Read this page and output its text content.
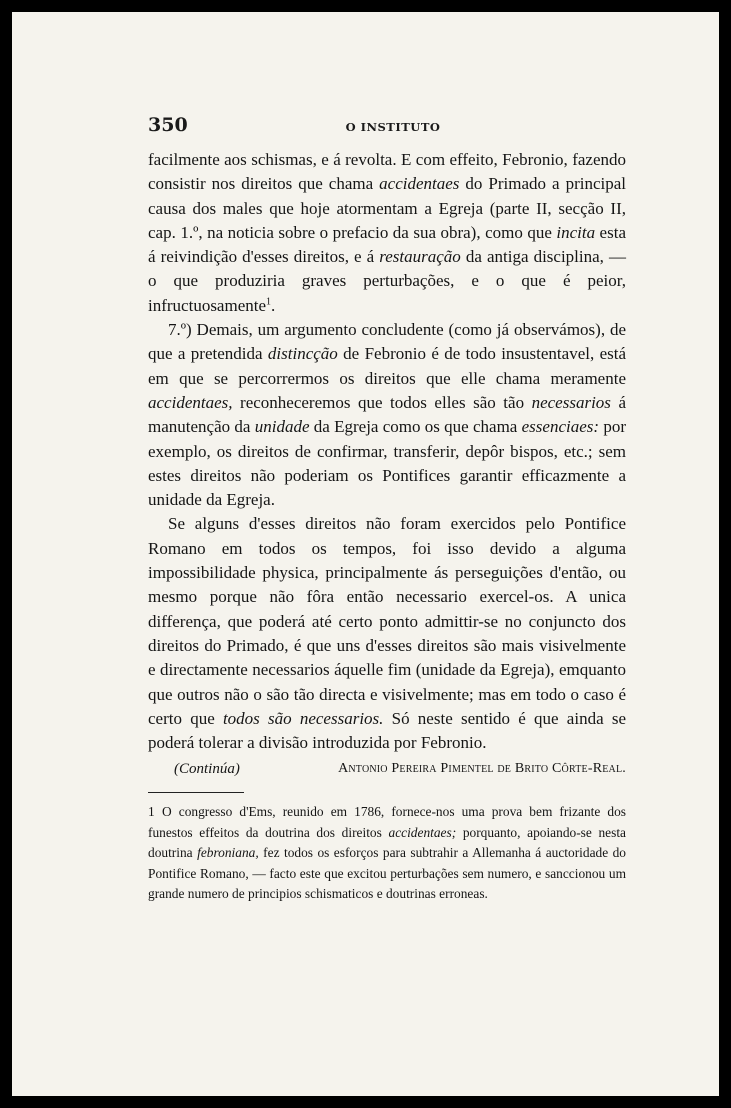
350	O INSTITUTO

facilmente aos schismas, e á revolta. E com effeito, Febronio, fazendo consistir nos direitos que chama accidentaes do Primado a principal causa dos males que hoje atormentam a Egreja (parte II, secção II, cap. 1.º, na noticia sobre o prefacio da sua obra), como que incita esta á reivindição d'esses direitos, e á restauração da antiga disciplina, — o que produziria graves perturbações, e o que é peior, infructuosamente$^1$.

7.º) Demais, um argumento concludente (como já observámos), de que a pretendida distincção de Febronio é de todo insustentavel, está em que se percorrermos os direitos que elle chama meramente accidentaes, reconheceremos que todos elles são tão necessarios á manutenção da unidade da Egreja como os que chama essenciaes: por exemplo, os direitos de confirmar, transferir, depôr bispos, etc.; sem estes direitos não poderiam os Pontifices garantir efficazmente a unidade da Egreja.

Se alguns d'esses direitos não foram exercidos pelo Pontifice Romano em todos os tempos, foi isso devido a alguma impossibilidade physica, principalmente ás perseguições d'então, ou mesmo porque não fôra então necessario exercel-os. A unica differença, que poderá até certo ponto admittir-se no conjuncto dos direitos do Primado, é que uns d'esses direitos são mais visivelmente e directamente necessarios áquelle fim (unidade da Egreja), emquanto que outros não o são tão directa e visivelmente; mas em todo o caso é certo que todos são necessarios. Só neste sentido é que ainda se poderá tolerar a divisão introduzida por Febronio.

(Continúa)	Antonio Pereira Pimentel de Brito Côrte-Real.
1 O congresso d'Ems, reunido em 1786, fornece-nos uma prova bem frizante dos funestos effeitos da doutrina dos direitos accidentaes; porquanto, apoiando-se nesta doutrina febroniana, fez todos os esforços para subtrahir a Allemanha á auctoridade do Pontifice Romano, — facto este que excitou perturbações sem numero, e sanccionou um grande numero de principios schismaticos e doutrinas erroneas.
